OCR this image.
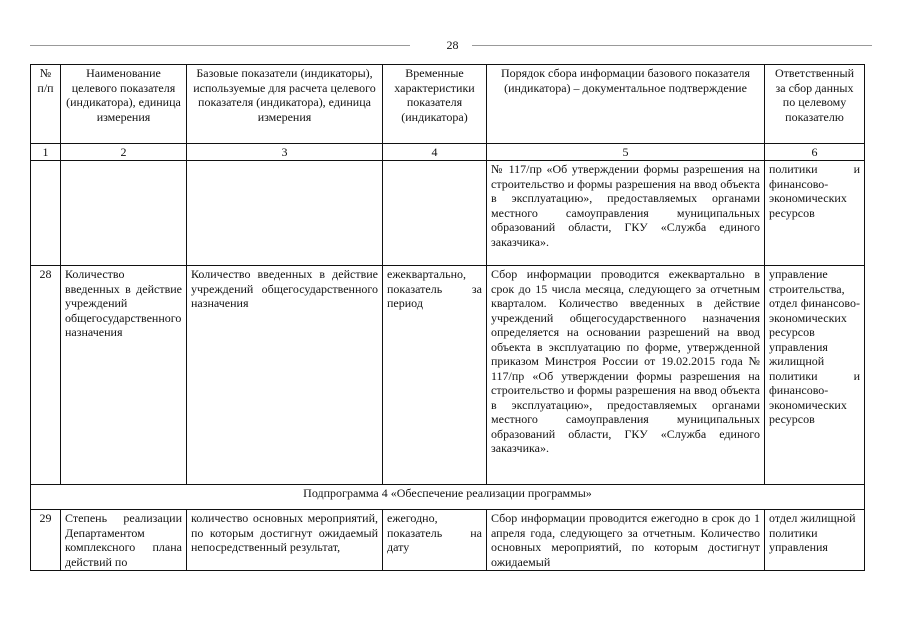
28
№ п/п	Наименование целевого показателя (индикатора), единица измерения	Базовые показатели (индикаторы), используемые для расчета целевого показателя (индикатора), единица измерения	Временные характеристики показателя (индикатора)	Порядок сбора информации базового показателя (индикатора) – документальное подтверждение	Ответственный за сбор данных по целевому показателю
1	2	3	4	5	6
				№ 117/пр «Об утверждении формы разрешения на строительство и формы разрешения на ввод объекта в эксплуатацию», предоставляемых органами местного самоуправления муниципальных образований области, ГКУ «Служба единого заказчика».	политики и финансово-экономических ресурсов
28	Количество введенных в действие учреждений общегосударственного назначения	Количество введенных в действие учреждений общегосударственного назначения	ежеквартально, показатель за период	Сбор информации проводится ежеквартально в срок до 15 числа месяца, следующего за отчетным кварталом. Количество введенных в действие учреждений общегосударственного назначения определяется на основании разрешений на ввод объекта в эксплуатацию по форме, утвержденной приказом Минстроя России от 19.02.2015 года № 117/пр «Об утверждении формы разрешения на строительство и формы разрешения на ввод объекта в эксплуатацию», предоставляемых органами местного самоуправления муниципальных образований области, ГКУ «Служба единого заказчика».	управление строительства, отдел финансово-экономических ресурсов управления жилищной политики и финансово-экономических ресурсов
Подпрограмма 4 «Обеспечение реализации программы»					
29	Степень реализации Департаментом комплексного плана действий по	количество основных мероприятий, по которым достигнут ожидаемый непосредственный результат,	ежегодно, показатель на дату	Сбор информации проводится ежегодно в срок до 1 апреля года, следующего за отчетным. Количество основных мероприятий, по которым достигнут ожидаемый	отдел жилищной политики управления
